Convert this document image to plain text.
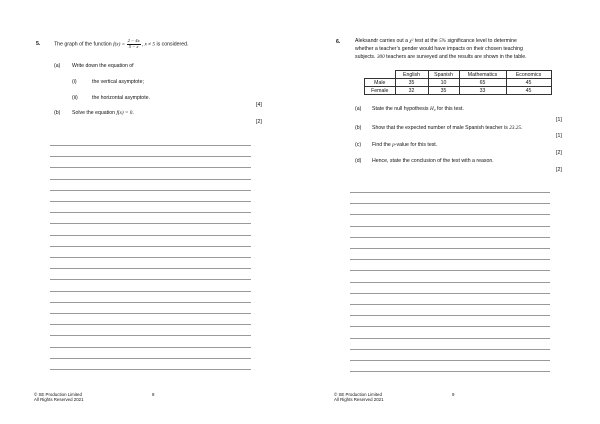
5.	The graph of the function $f(x) = \frac{2 - 4x}{5 - x}$ , x ≠ 5 is considered.
(a) Write down the equation of
(i)	the vertical asymptote;
(ii)	the horizontal asymptote.
[4]
(b) Solve the equation f(x) = 0.
[2]
© SE Production Limited
All Rights Reserved 2021
8
6.	Aleksandr carries out a χ² test at the 5% significance level to determine
whether a teacher’s gender would have impacts on their chosen teaching
subjects. 300 teachers are surveyed and the results are shown in the table.
	English	Spanish	Mathematics	Economics
Male	35	10	65	45
Female	32	35	33	45
(a) State the null hypothesis H₀ for this test.
[1]
(b) Show that the expected number of male Spanish teacher is 23.25.
[1]
(c) Find the p-value for this test.
[2]
(d) Hence, state the conclusion of the test with a reason.
[2]
© SE Production Limited
All Rights Reserved 2021
9
